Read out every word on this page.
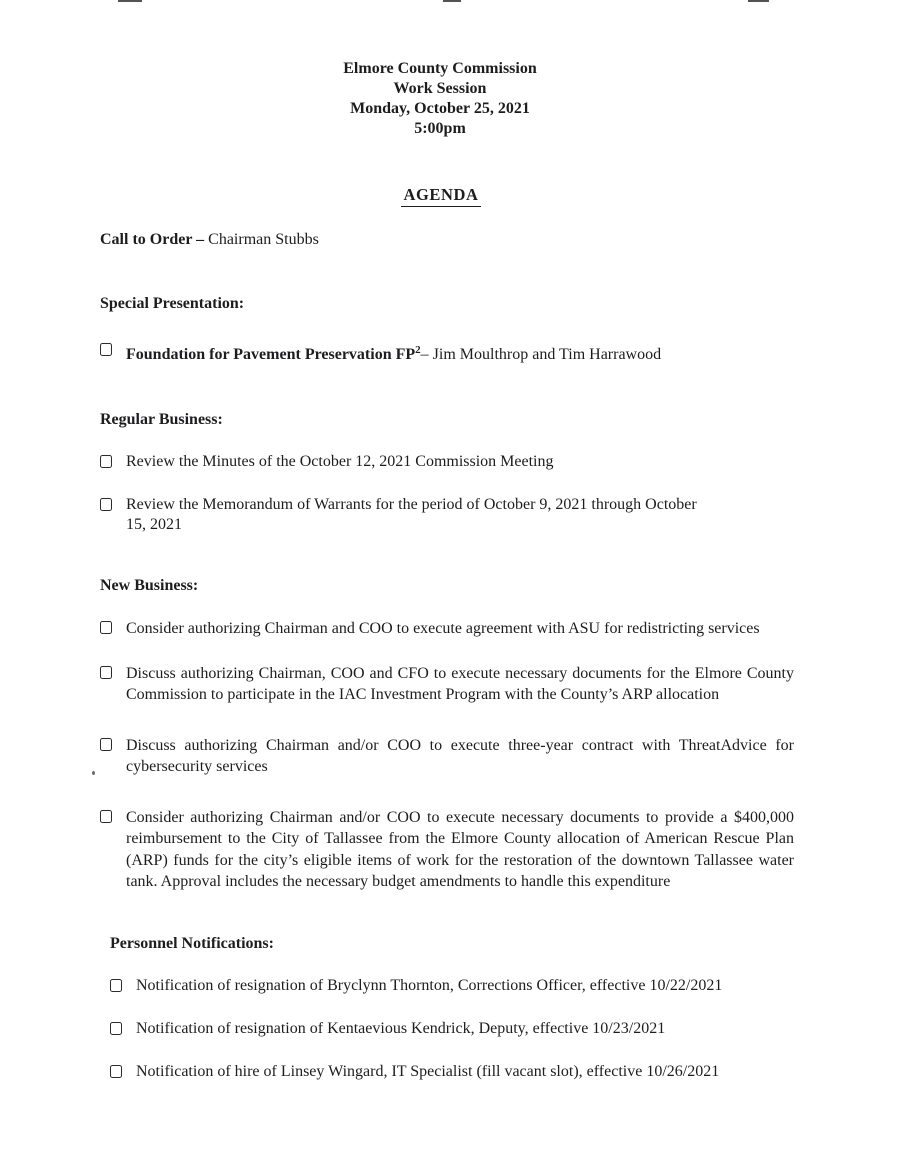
Elmore County Commission
Work Session
Monday, October 25, 2021
5:00pm
AGENDA
Call to Order – Chairman Stubbs
Special Presentation:
Foundation for Pavement Preservation $FP^2-$ Jim Moulthrop and Tim Harrawood
Regular Business:
Review the Minutes of the October 12, 2021 Commission Meeting
Review the Memorandum of Warrants for the period of October 9, 2021 through October 15, 2021
New Business:
Consider authorizing Chairman and COO to execute agreement with ASU for redistricting services
Discuss authorizing Chairman, COO and CFO to execute necessary documents for the Elmore County Commission to participate in the IAC Investment Program with the County’s ARP allocation
Discuss authorizing Chairman and/or COO to execute three-year contract with ThreatAdvice for cybersecurity services
Consider authorizing Chairman and/or COO to execute necessary documents to provide a $400,000 reimbursement to the City of Tallassee from the Elmore County allocation of American Rescue Plan (ARP) funds for the city’s eligible items of work for the restoration of the downtown Tallassee water tank. Approval includes the necessary budget amendments to handle this expenditure
Personnel Notifications:
Notification of resignation of Bryclynn Thornton, Corrections Officer, effective 10/22/2021
Notification of resignation of Kentaevious Kendrick, Deputy, effective 10/23/2021
Notification of hire of Linsey Wingard, IT Specialist (fill vacant slot), effective 10/26/2021
